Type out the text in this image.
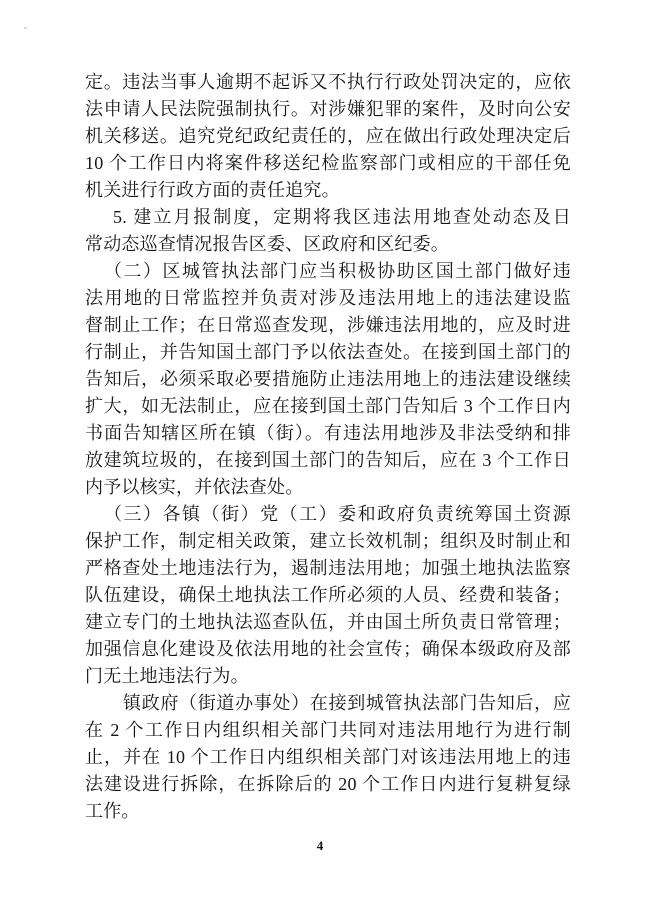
定。违法当事人逾期不起诉又不执行行政处罚决定的，应依
法申请人民法院强制执行。对涉嫌犯罪的案件，及时向公安
机关移送。追究党纪政纪责任的，应在做出行政处理决定后
10 个工作日内将案件移送纪检监察部门或相应的干部任免
机关进行行政方面的责任追究。
5. 建立月报制度，定期将我区违法用地查处动态及日
常动态巡查情况报告区委、区政府和区纪委。
（二）区城管执法部门应当积极协助区国土部门做好违
法用地的日常监控并负责对涉及违法用地上的违法建设监
督制止工作；在日常巡查发现，涉嫌违法用地的，应及时进
行制止，并告知国土部门予以依法查处。在接到国土部门的
告知后，必须采取必要措施防止违法用地上的违法建设继续
扩大，如无法制止，应在接到国土部门告知后 3 个工作日内
书面告知辖区所在镇（街）。有违法用地涉及非法受纳和排
放建筑垃圾的，在接到国土部门的告知后，应在 3 个工作日
内予以核实，并依法查处。
（三）各镇（街）党（工）委和政府负责统筹国土资源
保护工作，制定相关政策，建立长效机制；组织及时制止和
严格查处土地违法行为，遏制违法用地；加强土地执法监察
队伍建设，确保土地执法工作所必须的人员、经费和装备；
建立专门的土地执法巡查队伍，并由国土所负责日常管理；
加强信息化建设及依法用地的社会宣传；确保本级政府及部
门无土地违法行为。
镇政府（街道办事处）在接到城管执法部门告知后，应
在 2 个工作日内组织相关部门共同对违法用地行为进行制
止，并在 10 个工作日内组织相关部门对该违法用地上的违
法建设进行拆除，在拆除后的 20 个工作日内进行复耕复绿
工作。
4
